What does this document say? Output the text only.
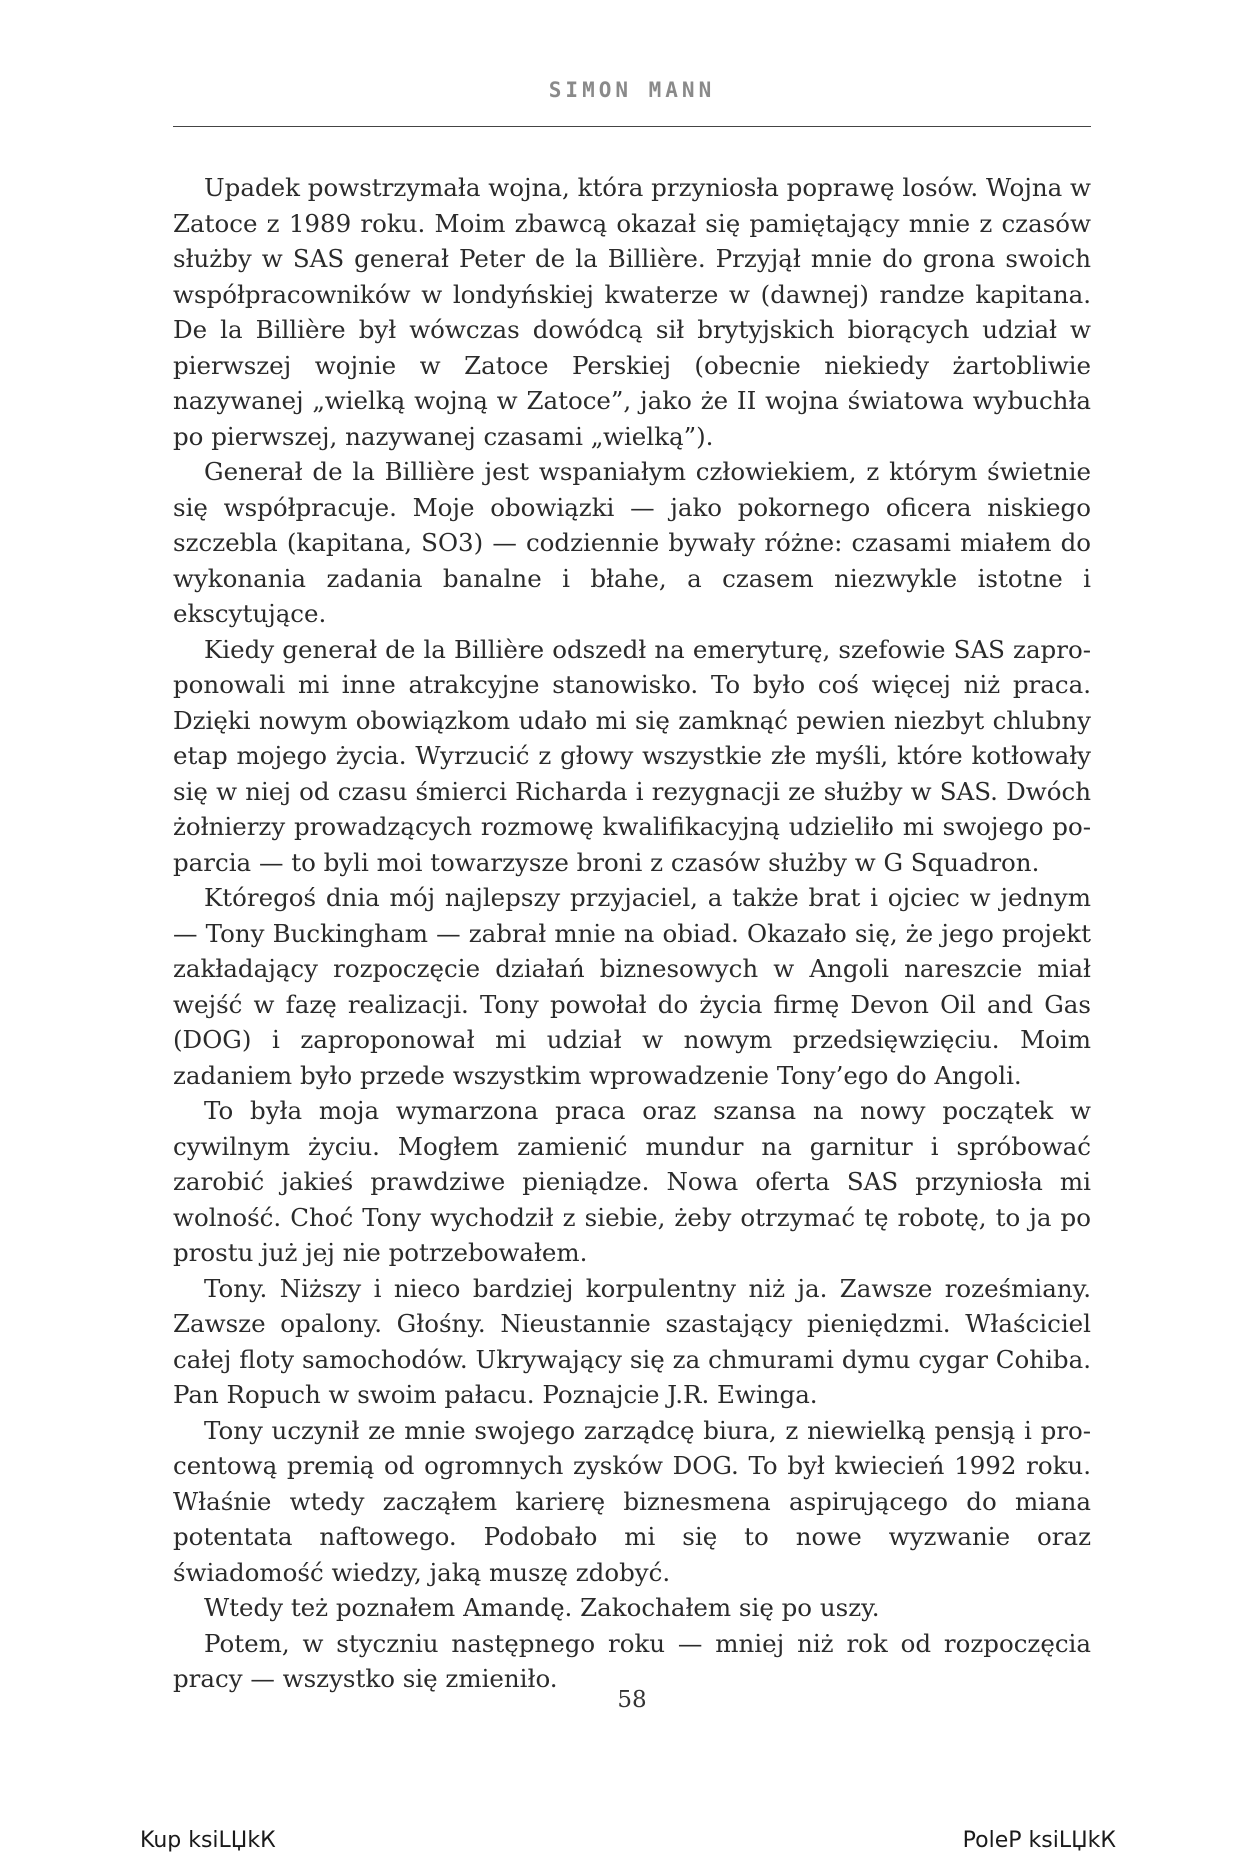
SIMON MANN

Upadek powstrzymała wojna, która przyniosła poprawę losów. Wojna w Zatoce z 1989 roku. Moim zbawcą okazał się pamiętający mnie z czasów służby w SAS generał Peter de la Billière. Przyjął mnie do grona swoich współpracowników w londyńskiej kwaterze w (dawnej) randze kapitana. De la Billière był wówczas dowódcą sił brytyjskich biorących udział w pierwszej wojnie w Zatoce Perskiej (obecnie niekiedy żartobliwie nazywanej „wielką wojną w Zatoce”, jako że II wojna światowa wybuchła po pierwszej, nazywanej czasami „wielką”).

Generał de la Billière jest wspaniałym człowiekiem, z którym świetnie się współpracuje. Moje obowiązki — jako pokornego oficera niskiego szczebla (kapitana, SO3) — codziennie bywały różne: czasami miałem do wykonania zadania banalne i błahe, a czasem niezwykle istotne i ekscytujące.

Kiedy generał de la Billière odszedł na emeryturę, szefowie SAS zaproponowali mi inne atrakcyjne stanowisko. To było coś więcej niż praca. Dzięki nowym obowiązkom udało mi się zamknąć pewien niezbyt chlubny etap mojego życia. Wyrzucić z głowy wszystkie złe myśli, które kotłowały się w niej od czasu śmierci Richarda i rezygnacji ze służby w SAS. Dwóch żołnierzy prowadzących rozmowę kwalifikacyjną udzieliło mi swojego poparcia — to byli moi towarzysze broni z czasów służby w G Squadron.

Któregoś dnia mój najlepszy przyjaciel, a także brat i ojciec w jednym — Tony Buckingham — zabrał mnie na obiad. Okazało się, że jego projekt zakładający rozpoczęcie działań biznesowych w Angoli nareszcie miał wejść w fazę realizacji. Tony powołał do życia firmę Devon Oil and Gas (DOG) i zaproponował mi udział w nowym przedsięwzięciu. Moim zadaniem było przede wszystkim wprowadzenie Tony’ego do Angoli.

To była moja wymarzona praca oraz szansa na nowy początek w cywilnym życiu. Mogłem zamienić mundur na garnitur i spróbować zarobić jakieś prawdziwe pieniądze. Nowa oferta SAS przyniosła mi wolność. Choć Tony wychodził z siebie, żeby otrzymać tę robotę, to ja po prostu już jej nie potrzebowałem.

Tony. Niższy i nieco bardziej korpulentny niż ja. Zawsze roześmiany. Zawsze opalony. Głośny. Nieustannie szastający pieniędzmi. Właściciel całej floty samochodów. Ukrywający się za chmurami dymu cygar Cohiba. Pan Ropuch w swoim pałacu. Poznajcie J.R. Ewinga.

Tony uczynił ze mnie swojego zarządcę biura, z niewielką pensją i procentową premią od ogromnych zysków DOG. To był kwiecień 1992 roku. Właśnie wtedy zacząłem karierę biznesmena aspirującego do miana potentata naftowego. Podobało mi się to nowe wyzwanie oraz świadomość wiedzy, jaką muszę zdobyć.

Wtedy też poznałem Amandę. Zakochałem się po uszy.

Potem, w styczniu następnego roku — mniej niż rok od rozpoczęcia pracy — wszystko się zmieniło.

58
Kup ksiLЏkК	PoleP ksiLЏkК
